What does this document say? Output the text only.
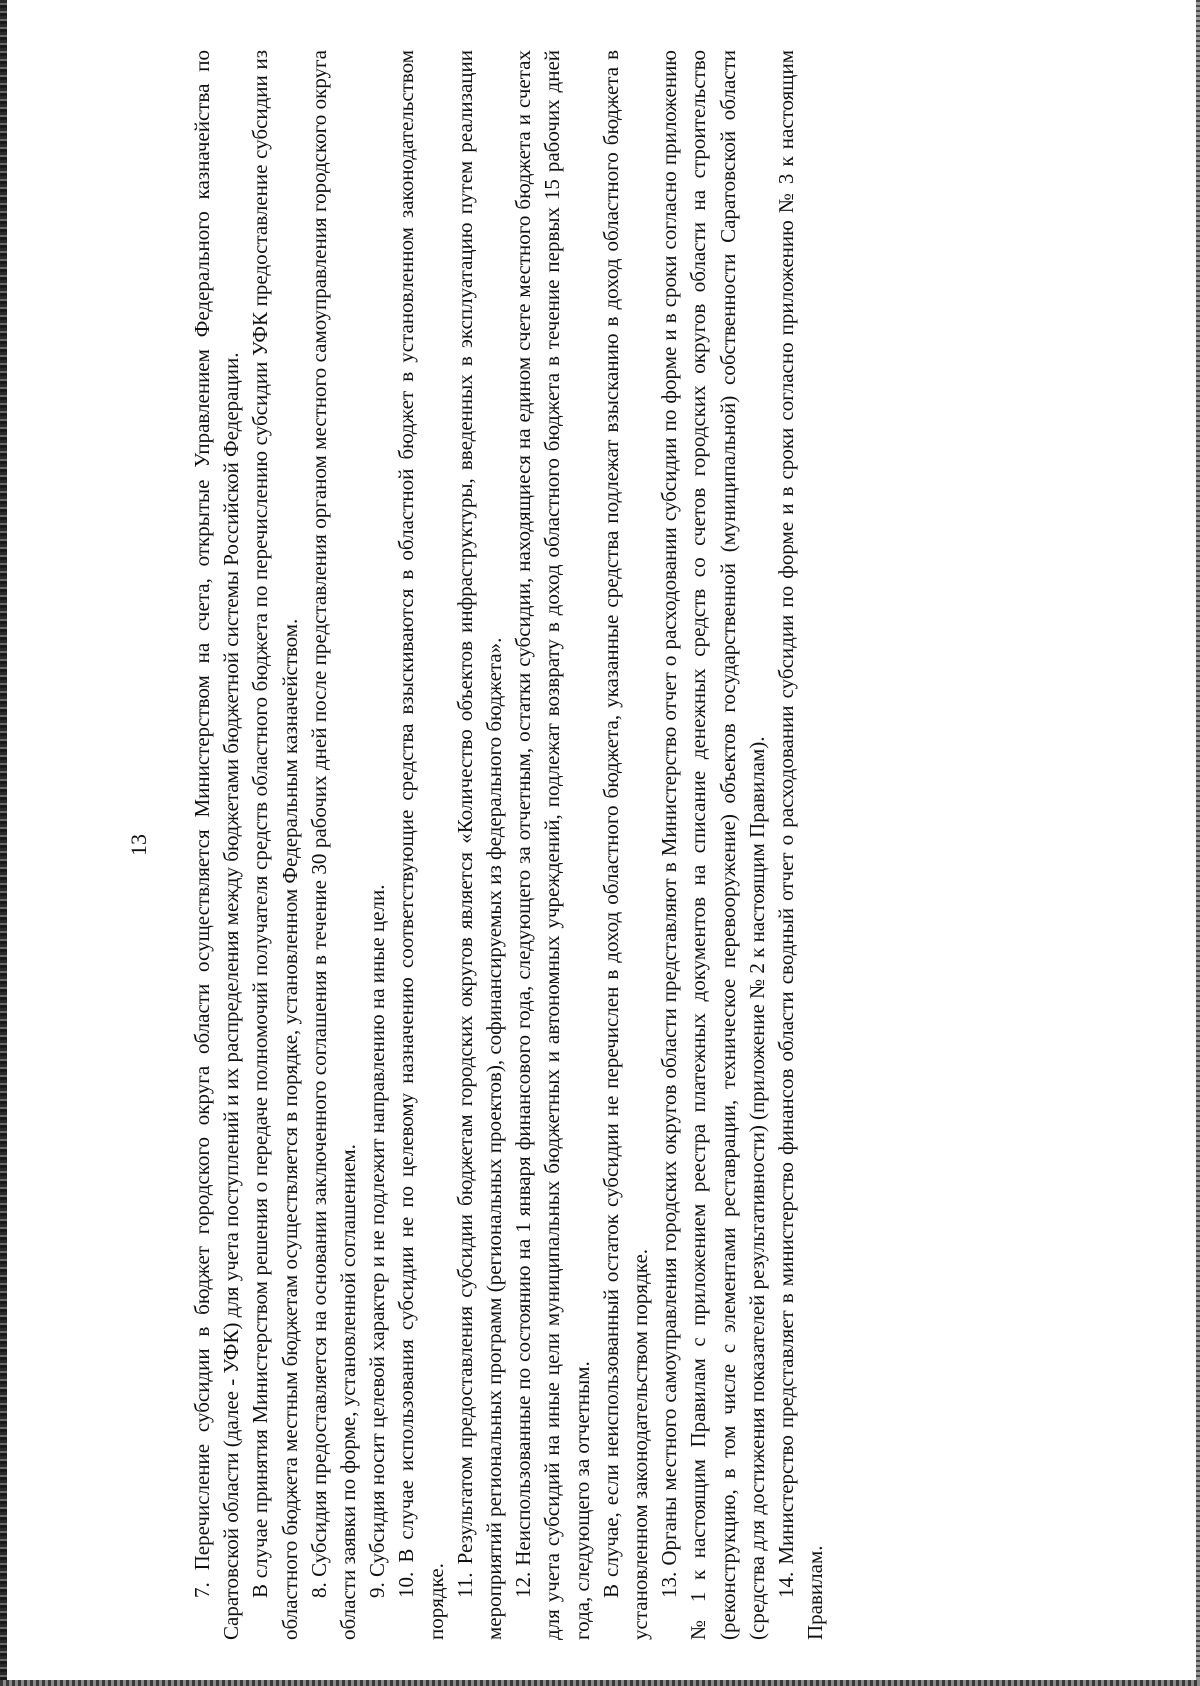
13 7. Перечисление субсидии в бюджет городского округа области осуществляется Министерством на счета, открытые Управлением Федерального казначейства по Саратовской области (далее - УФК) для учета поступлений и их распределения между бюджетами бюджетной системы Российской Федерации. В случае принятия Министерством решения о передаче полномочий получателя средств областного бюджета по перечислению субсидии УФК предоставление субсидии из областного бюджета местным бюджетам осуществляется в порядке, установленном Федеральным казначейством. 8. Субсидия предоставляется на основании заключенного соглашения в течение 30 рабочих дней после представления органом местного самоуправления городского округа области заявки по форме, установленной соглашением. 9. Субсидия носит целевой характер и не подлежит направлению на иные цели. 10. В случае использования субсидии не по целевому назначению соответствующие средства взыскиваются в областной бюджет в установленном законодательством порядке.

11. Результатом предоставления субсидии бюджетам городских округов является «Количество объектов инфраструктуры, введенных в эксплуатацию путем реализации мероприятий региональных программ (региональных проектов), софинансируемых из федерального бюджета». 12. Неиспользованные по состоянию на 1 января финансового года, следующего за отчетным, остатки субсидии, находящиеся на едином счете местного бюджета и счетах для учета субсидий на иные цели муниципальных бюджетных и автономных учреждений, подлежат возврату в доход областного бюджета в течение первых 15 рабочих дней года, следующего за отчетным. В случае, если неиспользованный остаток субсидии не перечислен в доход областного бюджета, указанные средства подлежат взысканию в доход областного бюджета в установленном законодательством порядке. 13. Органы местного самоуправления городских округов области представляют в Министерство отчет о расходовании субсидии по форме и в сроки согласно приложению № 1 к настоящим Правилам с приложением реестра платежных документов на списание денежных средств со счетов городских округов области на строительство (реконструкцию, в том числе с элементами реставрации, техническое перевооружение) объектов государственной (муниципальной) собственности Саратовской области (средства для достижения показателей результативности) (приложение № 2 к настоящим Правилам). 14. Министерство представляет в министерство финансов области сводный отчет о расходовании субсидии по форме и в сроки согласно приложению № 3 к настоящим Правилам.
